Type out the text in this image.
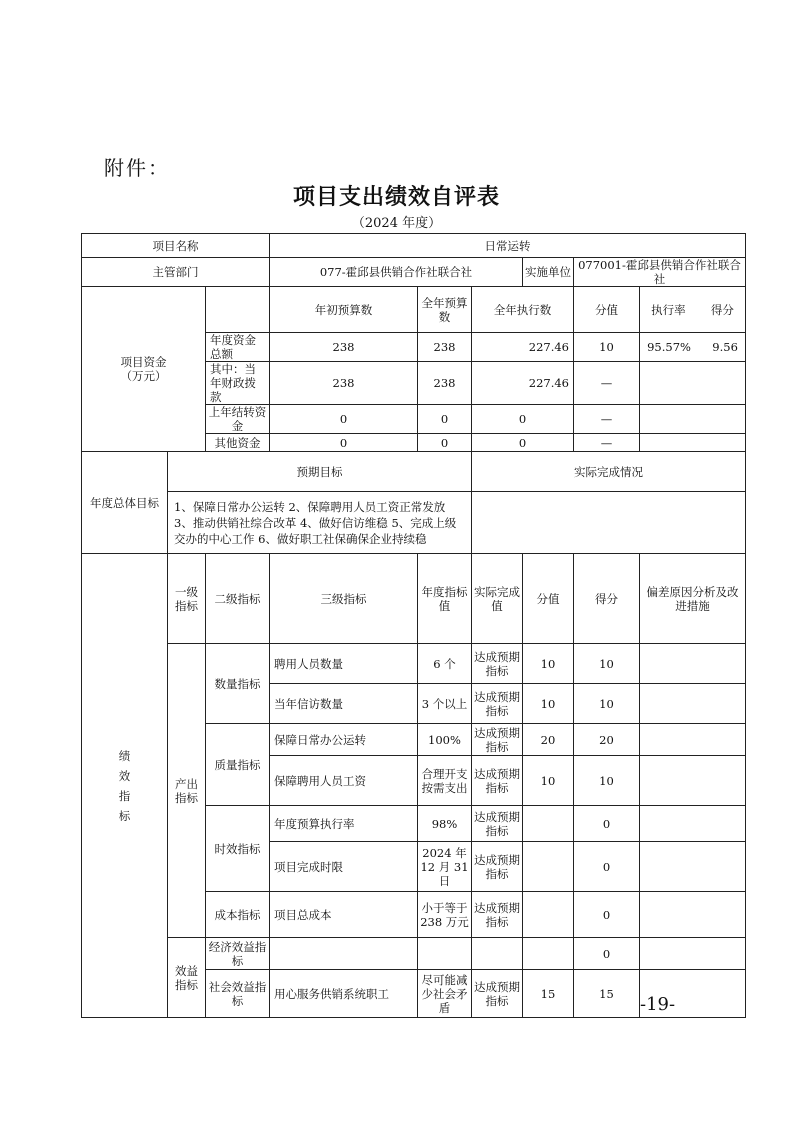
附件：
项目支出绩效自评表
（2024 年度）
项目名称			日常运转					
主管部门			077-霍邱县供销合作社联合社			实施单位	077001-霍邱县供销合作社联合社	
项目资金
（万元）			年初预算数	全年预算数	全年执行数		分值	执行率 得分
		年度资金总额	238	238	227.46		10	95.57% 9.56
		其中：当年财政拨款	238	238	227.46		—	
		上年结转资金	0	0	0		—	
		其他资金	0	0	0		—	
年度总体目标	预期目标				实际完成情况			
	1、保障日常办公运转 2、保障聘用人员工资正常发放 3、推动供销社综合改革 4、做好信访维稳 5、完成上级交办的中心工作 6、做好职工社保确保企业持续稳							
绩效指标	一级指标	二级指标	三级指标	年度指标值	实际完成值	分值	得分	偏差原因分析及改进措施
	产出指标	数量指标	聘用人员数量	6 个	达成预期指标	10	10	
			当年信访数量	3 个以上	达成预期指标	10	10	
		质量指标	保障日常办公运转	100%	达成预期指标	20	20	
			保障聘用人员工资	合理开支按需支出	达成预期指标	10	10	
		时效指标	年度预算执行率	98%	达成预期指标		0	
			项目完成时限	2024 年 12 月 31 日	达成预期指标		0	
		成本指标	项目总成本	小于等于 238 万元	达成预期指标		0	
	效益指标	经济效益指标					0	
		社会效益指标	用心服务供销系统职工	尽可能减少社会矛盾	达成预期指标	15	15	
-19-
